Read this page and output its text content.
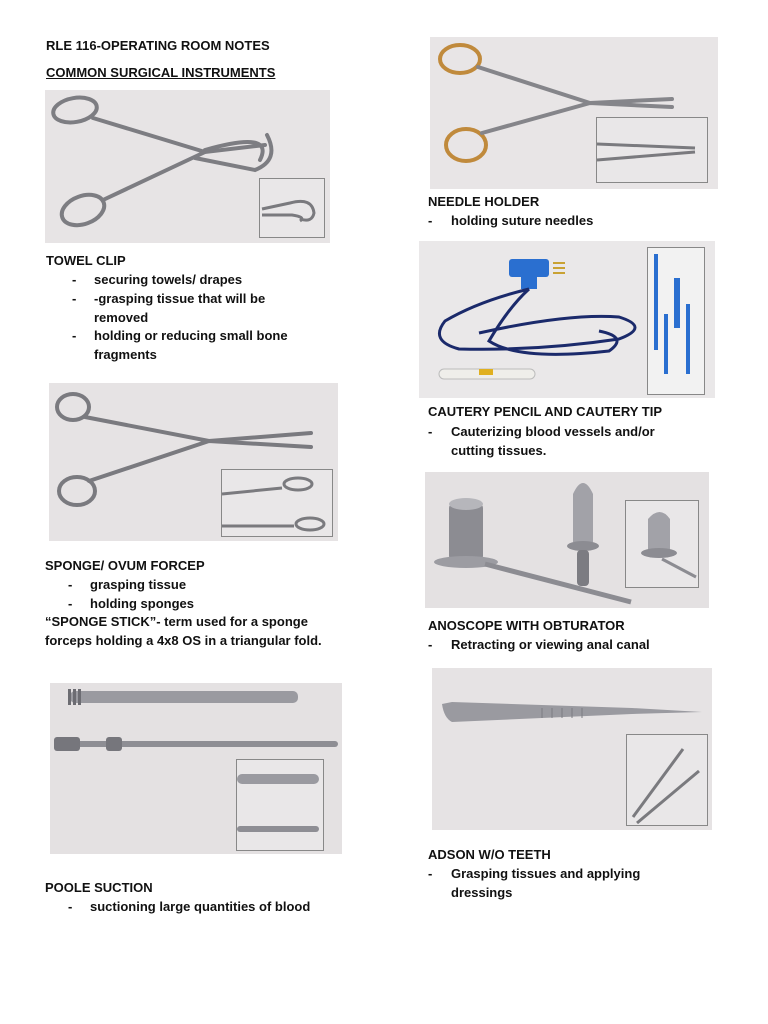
RLE 116-OPERATING ROOM NOTES
COMMON SURGICAL INSTRUMENTS
TOWEL CLIP
- securing towels/ drapes
- -grasping tissue that will be removed
- holding or reducing small bone fragments
SPONGE/ OVUM FORCEP
- grasping tissue
- holding sponges
“SPONGE STICK”- term used for a sponge forceps holding a 4x8 OS in a triangular fold.
POOLE SUCTION
- suctioning large quantities of blood
NEEDLE HOLDER
- holding suture needles
CAUTERY PENCIL AND CAUTERY TIP
- Cauterizing blood vessels and/or cutting tissues.
ANOSCOPE WITH OBTURATOR
- Retracting or viewing anal canal
ADSON W/O TEETH
- Grasping tissues and applying dressings
